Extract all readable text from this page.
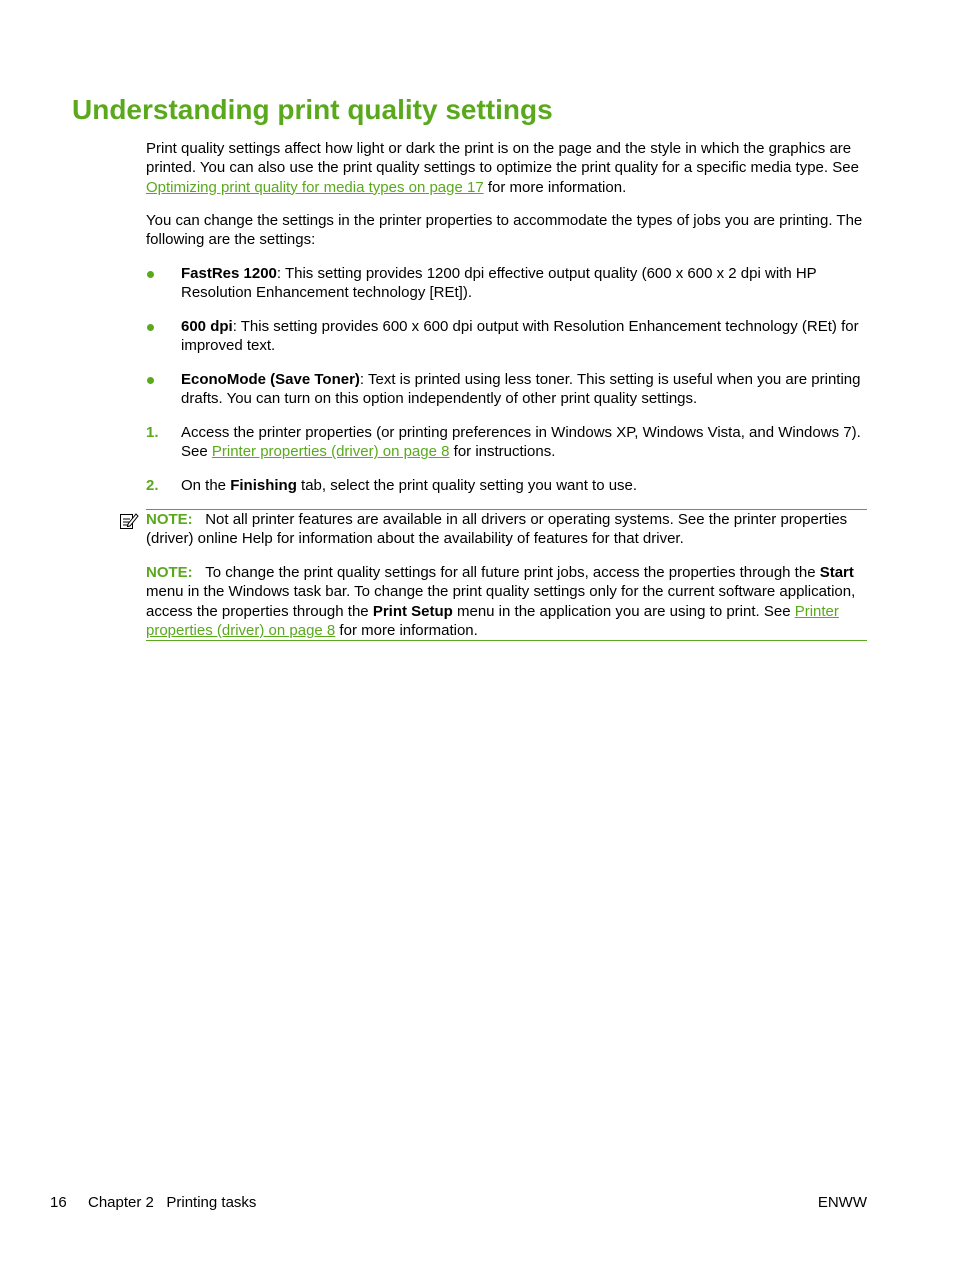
Understanding print quality settings
Print quality settings affect how light or dark the print is on the page and the style in which the graphics are printed. You can also use the print quality settings to optimize the print quality for a specific media type. See Optimizing print quality for media types on page 17 for more information.
You can change the settings in the printer properties to accommodate the types of jobs you are printing. The following are the settings:
FastRes 1200: This setting provides 1200 dpi effective output quality (600 x 600 x 2 dpi with HP Resolution Enhancement technology [REt]).
600 dpi: This setting provides 600 x 600 dpi output with Resolution Enhancement technology (REt) for improved text.
EconoMode (Save Toner): Text is printed using less toner. This setting is useful when you are printing drafts. You can turn on this option independently of other print quality settings.
1. Access the printer properties (or printing preferences in Windows XP, Windows Vista, and Windows 7). See Printer properties (driver) on page 8 for instructions.
2. On the Finishing tab, select the print quality setting you want to use.
NOTE: Not all printer features are available in all drivers or operating systems. See the printer properties (driver) online Help for information about the availability of features for that driver.
NOTE: To change the print quality settings for all future print jobs, access the properties through the Start menu in the Windows task bar. To change the print quality settings only for the current software application, access the properties through the Print Setup menu in the application you are using to print. See Printer properties (driver) on page 8 for more information.
16 Chapter 2   Printing tasks	ENWW
